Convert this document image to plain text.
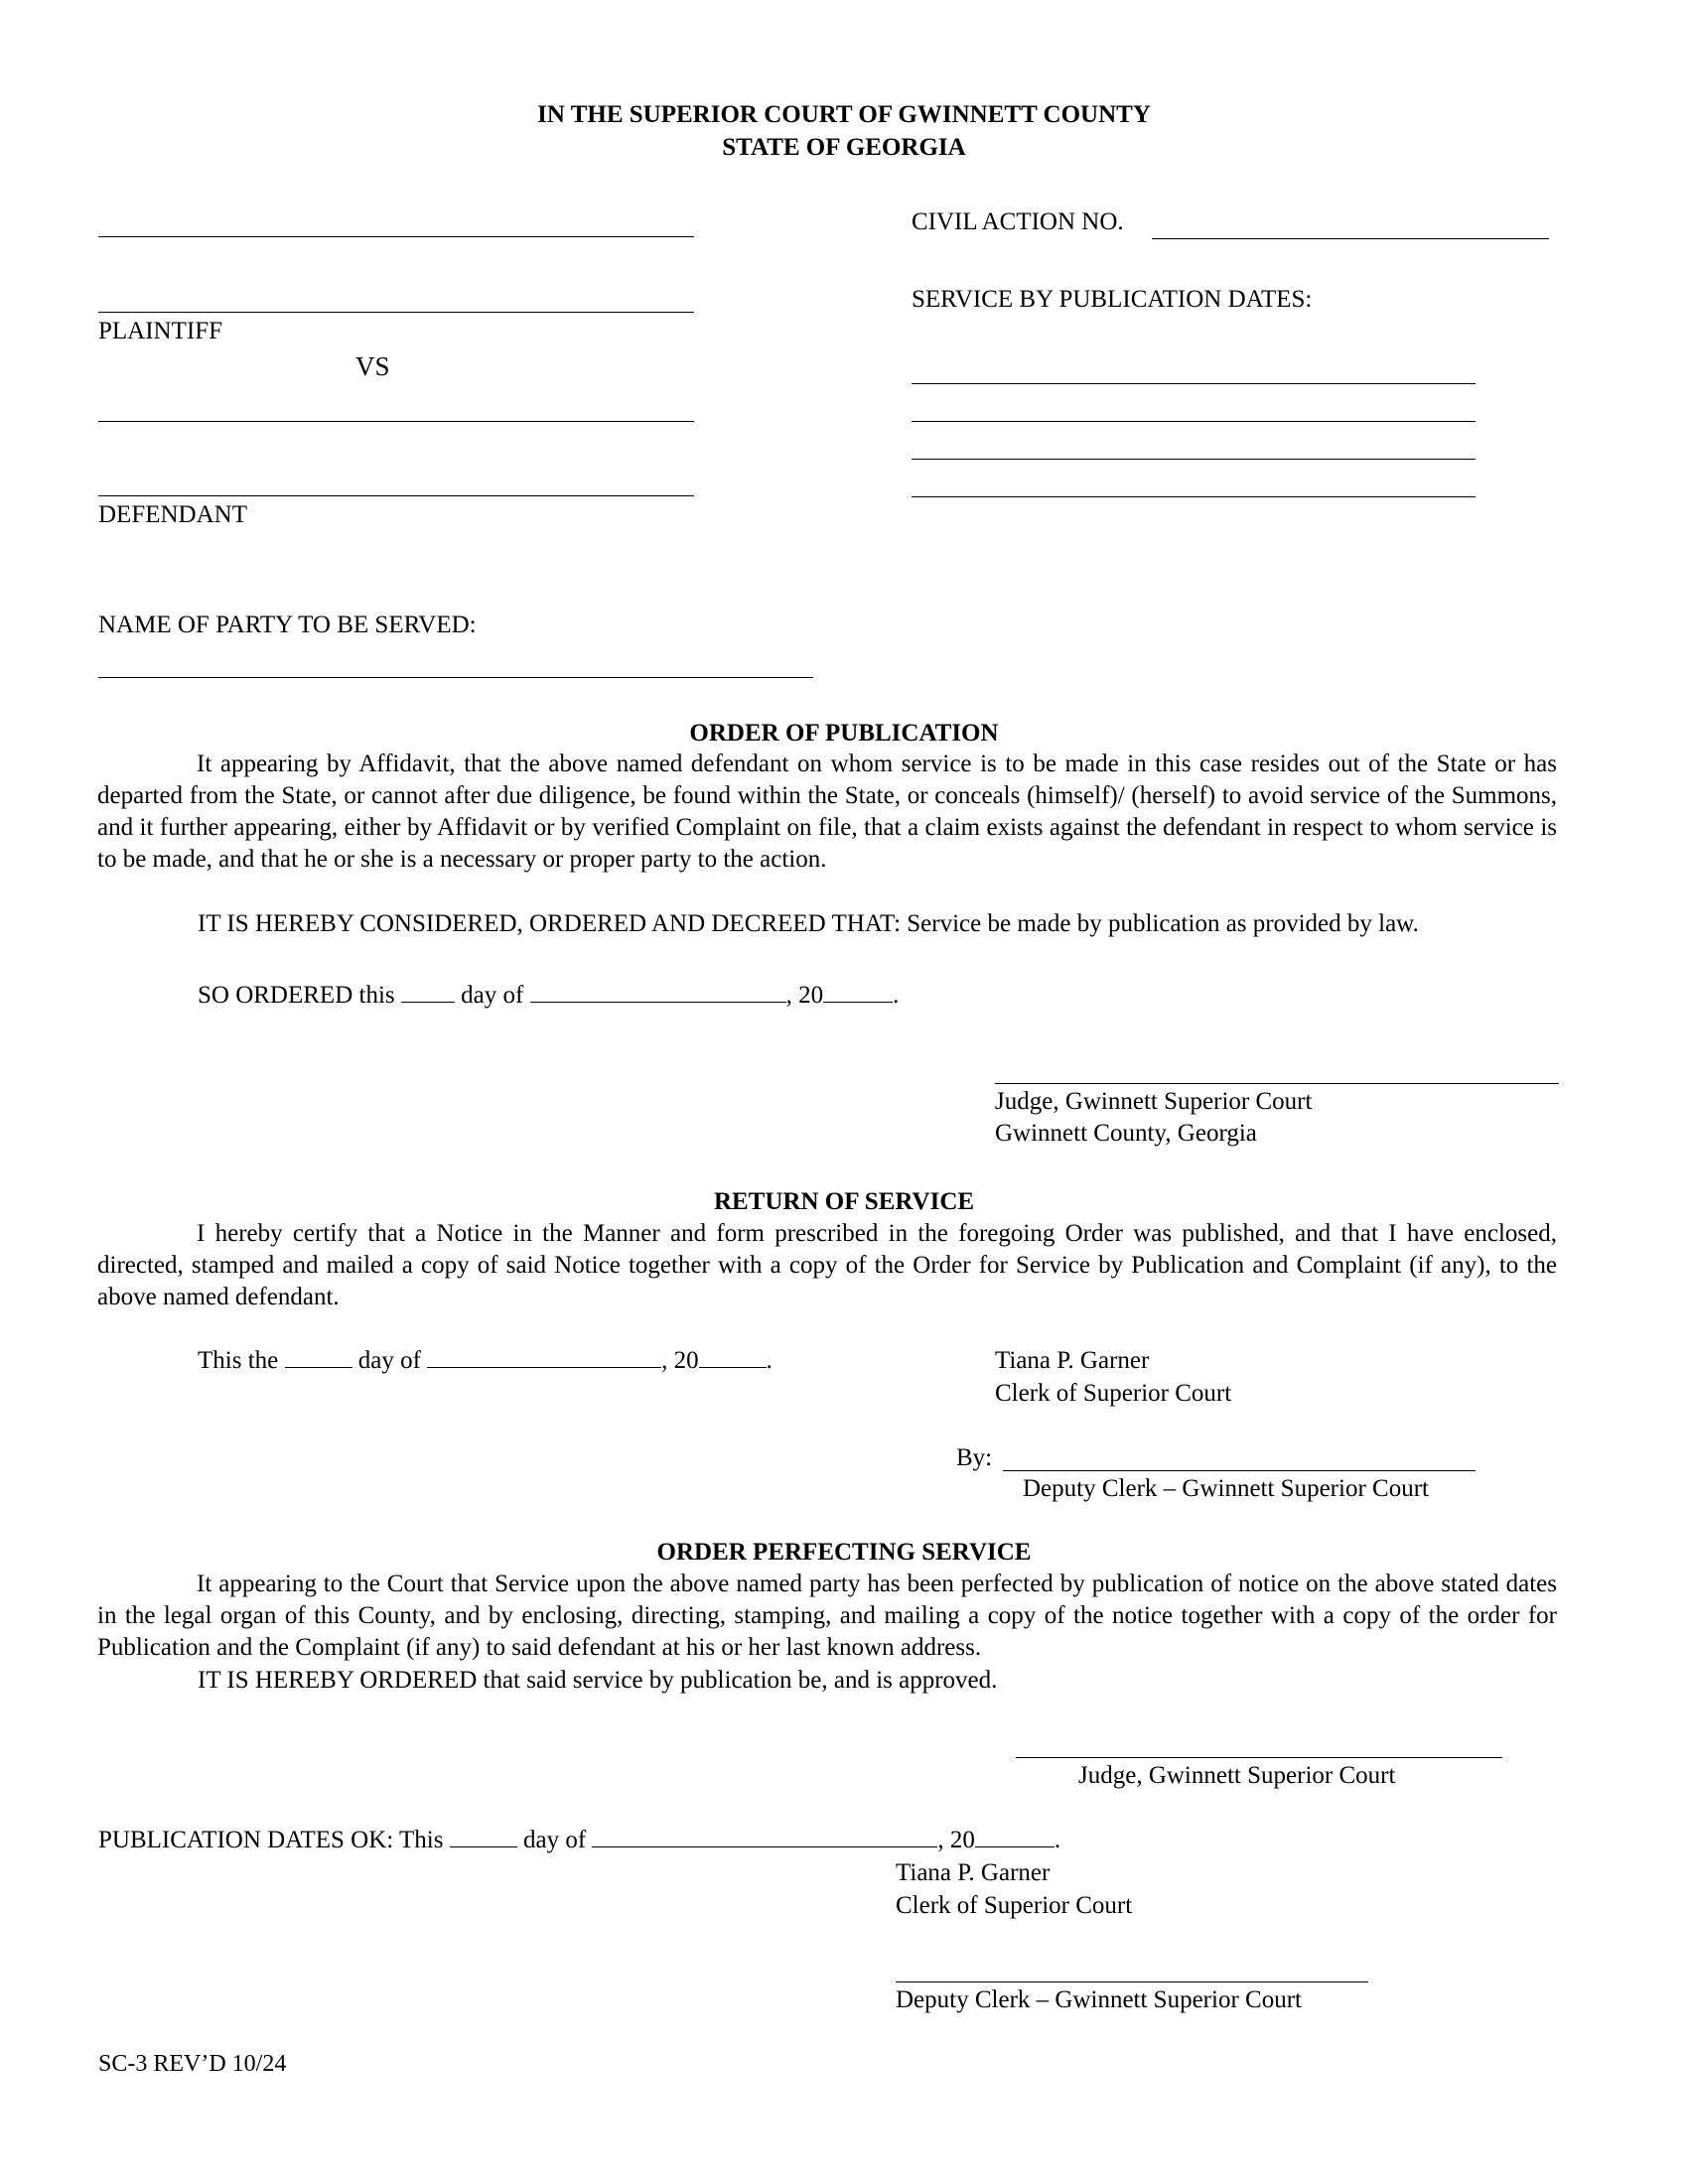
IN THE SUPERIOR COURT OF GWINNETT COUNTY
STATE OF GEORGIA
PLAINTIFF
VS
DEFENDANT
CIVIL ACTION NO.
SERVICE BY PUBLICATION DATES:
NAME OF PARTY TO BE SERVED:
ORDER OF PUBLICATION
It appearing by Affidavit, that the above named defendant on whom service is to be made in this case resides out of the State or has departed from the State, or cannot after due diligence, be found within the State, or conceals (himself)/ (herself) to avoid service of the Summons, and it further appearing, either by Affidavit or by verified Complaint on file, that a claim exists against the defendant in respect to whom service is to be made, and that he or she is a necessary or proper party to the action.
IT IS HEREBY CONSIDERED, ORDERED AND DECREED THAT: Service be made by publication as provided by law.
SO ORDERED this	day of	, 20	.
Judge, Gwinnett Superior Court
Gwinnett County, Georgia
RETURN OF SERVICE
I hereby certify that a Notice in the Manner and form prescribed in the foregoing Order was published, and that I have enclosed, directed, stamped and mailed a copy of said Notice together with a copy of the Order for Service by Publication and Complaint (if any), to the above named defendant.
This the	day of	, 20	.	Tiana P. Garner
Clerk of Superior Court
By:
Deputy Clerk – Gwinnett Superior Court
ORDER PERFECTING SERVICE
It appearing to the Court that Service upon the above named party has been perfected by publication of notice on the above stated dates in the legal organ of this County, and by enclosing, directing, stamping, and mailing a copy of the notice together with a copy of the order for Publication and the Complaint (if any) to said defendant at his or her last known address.
IT IS HEREBY ORDERED that said service by publication be, and is approved.
Judge, Gwinnett Superior Court
PUBLICATION DATES OK: This	day of	, 20	.
Tiana P. Garner
Clerk of Superior Court
Deputy Clerk – Gwinnett Superior Court
SC-3 REV’D 10/24
